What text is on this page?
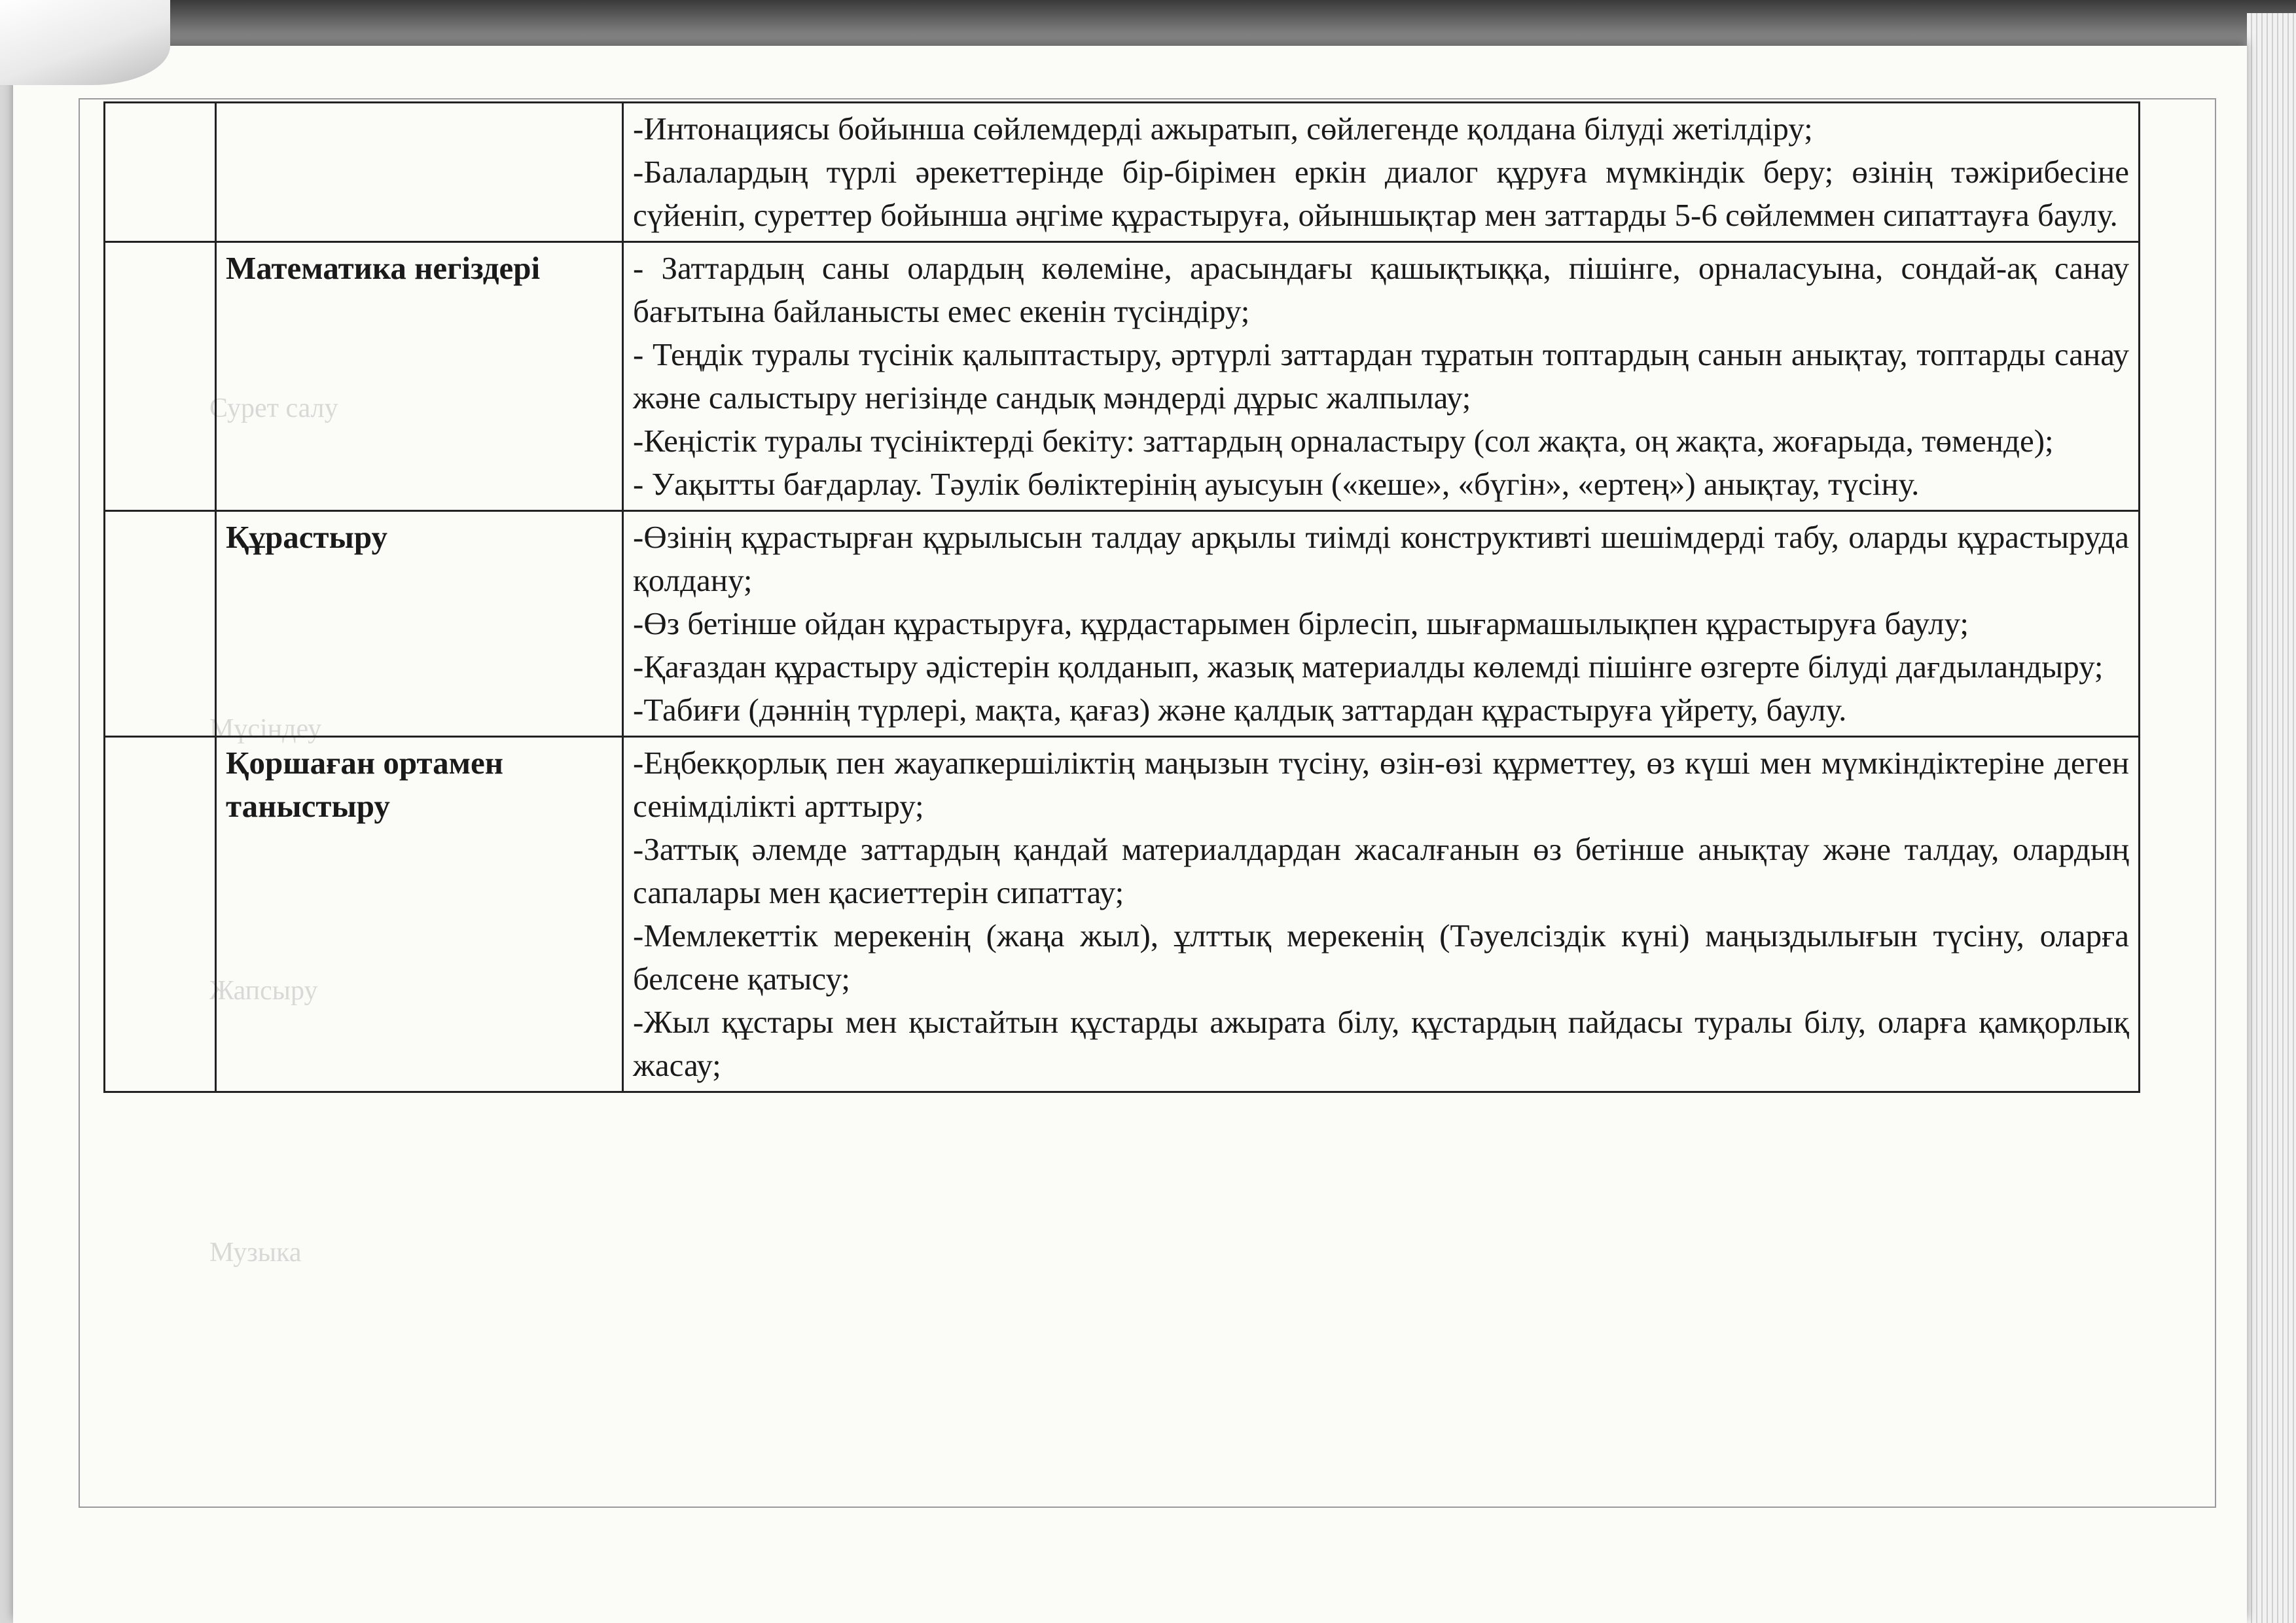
Сурет салу
Мүсіндеу
Жапсыру
Музыка

		-Интонациясы бойынша сөйлемдерді ажыратып, сөйлегенде қолдана білуді жетілдіру;
-Балалардың түрлі әрекеттерінде бір-бірімен еркін диалог құруға мүмкіндік беру; өзінің тәжірибесіне сүйеніп, суреттер бойынша әңгіме құрастыруға, ойыншықтар мен заттарды 5-6 сөйлеммен сипаттауға баулу.

	Математика негіздері	- Заттардың саны олардың көлеміне, арасындағы қашықтыққа, пішінге, орналасуына, сондай-ақ санау бағытына байланысты емес екенін түсіндіру;
- Теңдік туралы түсінік қалыптастыру, әртүрлі заттардан тұратын топтардың санын анықтау, топтарды санау және салыстыру негізінде сандық мәндерді дұрыс жалпылау;
-Кеңістік туралы түсініктерді бекіту: заттардың орналастыру (сол жақта, оң жақта, жоғарыда, төменде);
- Уақытты бағдарлау. Тәулік бөліктерінің ауысуын («кеше», «бүгін», «ертең») анықтау, түсіну.

	Құрастыру	-Өзінің құрастырған құрылысын талдау арқылы тиімді конструктивті шешімдерді табу, оларды құрастыруда қолдану;
-Өз бетінше ойдан құрастыруға, құрдастарымен бірлесіп, шығармашылықпен құрастыруға баулу;
-Қағаздан құрастыру әдістерін қолданып, жазық материалды көлемді пішінге өзгерте білуді дағдыландыру;
-Табиғи (дәннің түрлері, мақта, қағаз) және қалдық заттардан құрастыруға үйрету, баулу.

	Қоршаған ортамен таныстыру	-Еңбекқорлық пен жауапкершіліктің маңызын түсіну, өзін-өзі құрметтеу, өз күші мен мүмкіндіктеріне деген сенімділікті арттыру;
-Заттық әлемде заттардың қандай материалдардан жасалғанын өз бетінше анықтау және талдау, олардың сапалары мен қасиеттерін сипаттау;
-Мемлекеттік мерекенің (жаңа жыл), ұлттық мерекенің (Тәуелсіздік күні) маңыздылығын түсіну, оларға белсене қатысу;
-Жыл құстары мен қыстайтын құстарды ажырата білу, құстардың пайдасы туралы білу, оларға қамқорлық жасау;
